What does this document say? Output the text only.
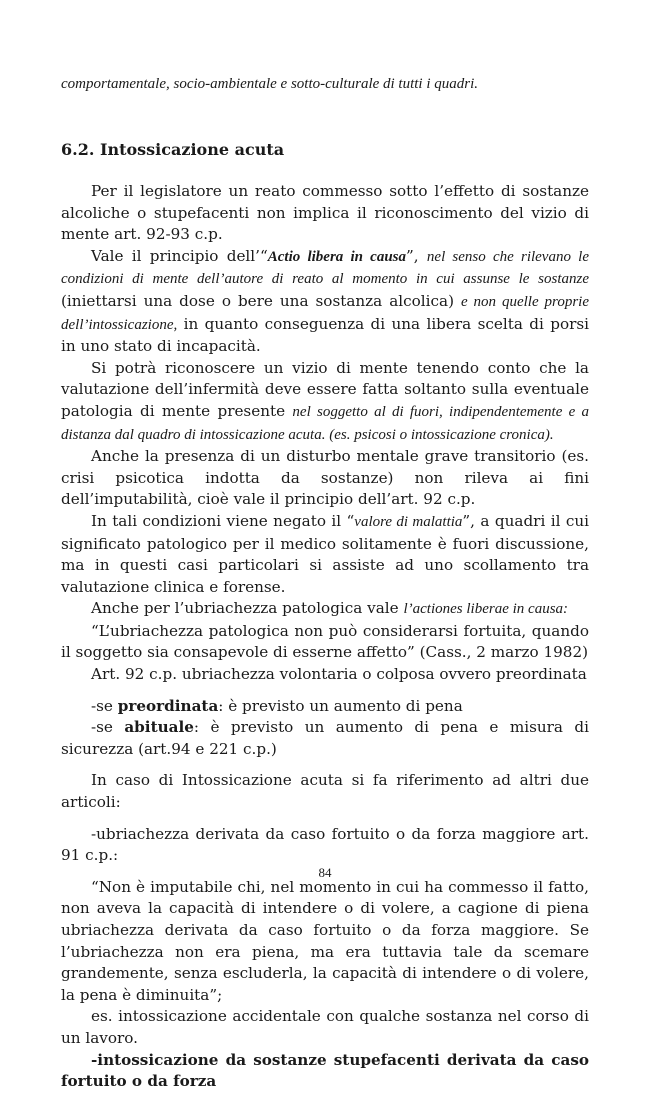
comportamentale, socio-ambientale e sotto-culturale di tutti i quadri.

6.2. Intossicazione acuta

Per il legislatore un reato commesso sotto l’effetto di sostanze alcoliche o stupefacenti non implica il riconoscimento del vizio di mente art. 92-93 c.p.

Vale il principio dell’“Actio libera in causa”, nel senso che rilevano le condizioni di mente dell’autore di reato al momento in cui assunse le sostanze (iniettarsi una dose o bere una sostanza alcolica) e non quelle proprie dell’intossicazione, in quanto conseguenza di una libera scelta di porsi in uno stato di incapacità.

Si potrà riconoscere un vizio di mente tenendo conto che la valutazione dell’infermità deve essere fatta soltanto sulla eventuale patologia di mente presente nel soggetto al di fuori, indipendentemente e a distanza dal quadro di intossicazione acuta. (es. psicosi o intossicazione cronica).

Anche la presenza di un disturbo mentale grave transitorio (es. crisi psicotica indotta da sostanze) non rileva ai fini dell’imputabilità, cioè vale il principio dell’art. 92 c.p.

In tali condizioni viene negato il “valore di malattia”, a quadri il cui significato patologico per il medico solitamente è fuori discussione, ma in questi casi particolari si assiste ad uno scollamento tra valutazione clinica e forense.

Anche per l’ubriachezza patologica vale l’actiones liberae in causa:

“L’ubriachezza patologica non può considerarsi fortuita, quando il soggetto sia consapevole di esserne affetto” (Cass., 2 marzo 1982)

Art. 92 c.p. ubriachezza volontaria o colposa ovvero preordinata

-se preordinata: è previsto un aumento di pena

-se abituale: è previsto un aumento di pena e misura di sicurezza (art.94 e 221 c.p.)

In caso di Intossicazione acuta si fa riferimento ad altri due articoli:

-ubriachezza derivata da caso fortuito o da forza maggiore art. 91 c.p.:

“Non è imputabile chi, nel momento in cui ha commesso il fatto, non aveva la capacità di intendere o di volere, a cagione di piena ubriachezza derivata da caso fortuito o da forza maggiore. Se l’ubriachezza non era piena, ma era tuttavia tale da scemare grandemente, senza escluderla, la capacità di intendere o di volere, la pena è diminuita”;

es. intossicazione accidentale con qualche sostanza nel corso di un lavoro.

-intossicazione da sostanze stupefacenti derivata da caso fortuito o da forza

84
